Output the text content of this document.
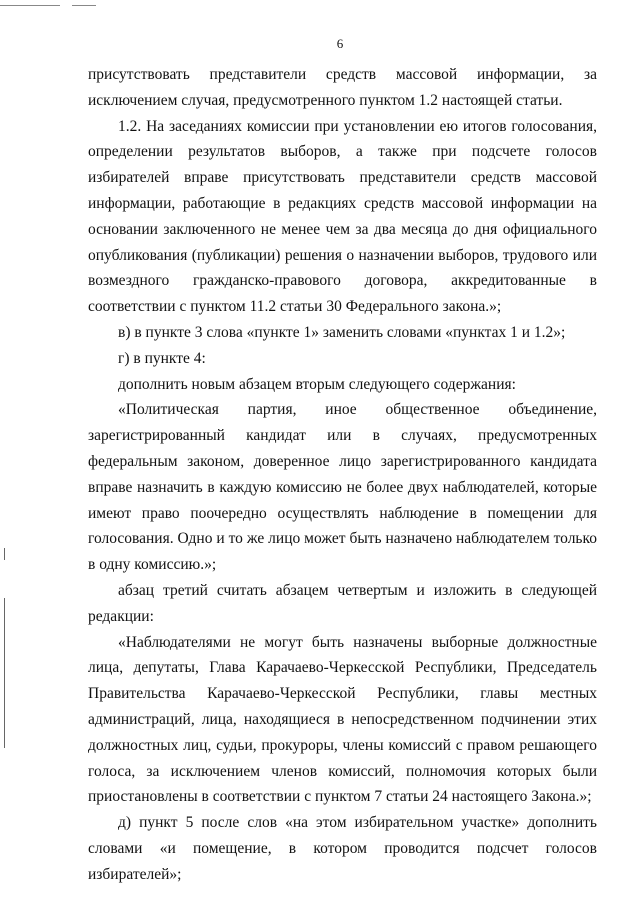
6

присутствовать представители средств массовой информации, за исключением случая, предусмотренного пунктом 1.2 настоящей статьи.

1.2. На заседаниях комиссии при установлении ею итогов голосования, определении результатов выборов, а также при подсчете голосов избирателей вправе присутствовать представители средств массовой информации, работающие в редакциях средств массовой информации на основании заключенного не менее чем за два месяца до дня официального опубликования (публикации) решения о назначении выборов, трудового или возмездного гражданско-правового договора, аккредитованные в соответствии с пунктом 11.2 статьи 30 Федерального закона.»;

в) в пункте 3 слова «пункте 1» заменить словами «пунктах 1 и 1.2»;

г) в пункте 4:

дополнить новым абзацем вторым следующего содержания:

«Политическая партия, иное общественное объединение, зарегистрированный кандидат или в случаях, предусмотренных федеральным законом, доверенное лицо зарегистрированного кандидата вправе назначить в каждую комиссию не более двух наблюдателей, которые имеют право поочередно осуществлять наблюдение в помещении для голосования. Одно и то же лицо может быть назначено наблюдателем только в одну комиссию.»;

абзац третий считать абзацем четвертым и изложить в следующей редакции:

«Наблюдателями не могут быть назначены выборные должностные лица, депутаты, Глава Карачаево-Черкесской Республики, Председатель Правительства Карачаево-Черкесской Республики, главы местных администраций, лица, находящиеся в непосредственном подчинении этих должностных лиц, судьи, прокуроры, члены комиссий с правом решающего голоса, за исключением членов комиссий, полномочия которых были приостановлены в соответствии с пунктом 7 статьи 24 настоящего Закона.»;

д) пункт 5 после слов «на этом избирательном участке» дополнить словами «и помещение, в котором проводится подсчет голосов избирателей»;
